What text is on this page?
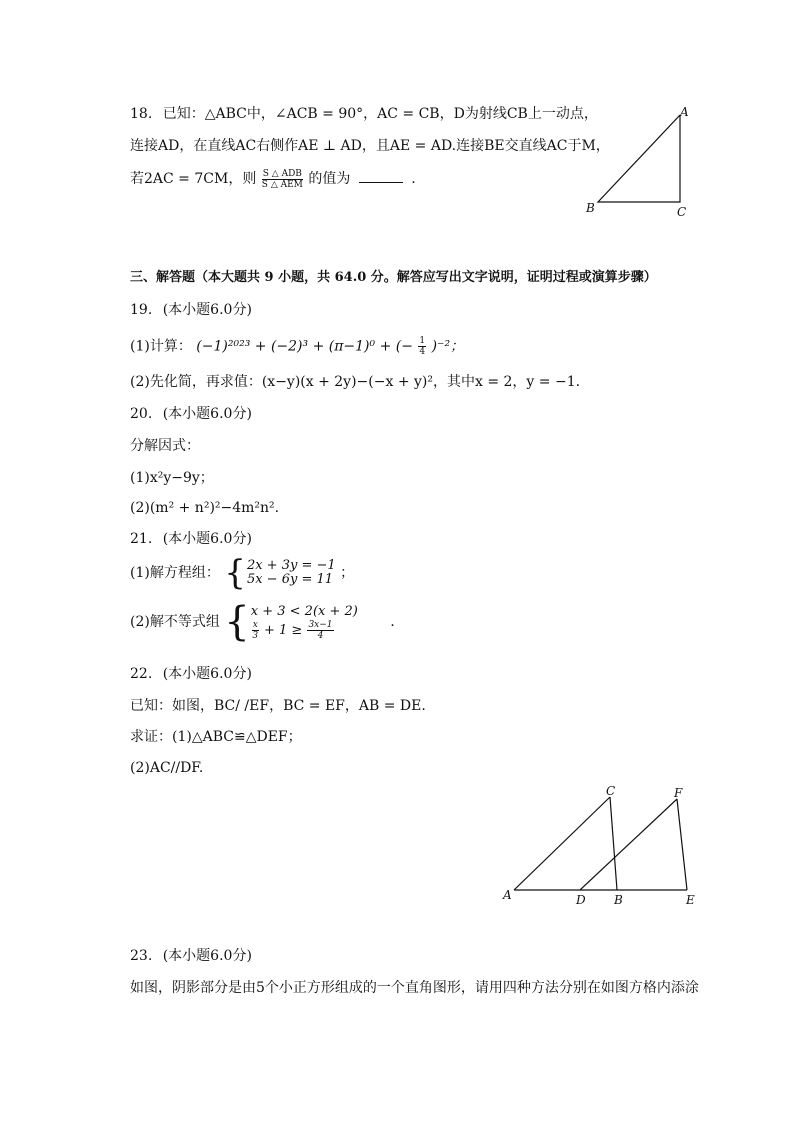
18. 已知：△ABC中，∠ACB = 90°，AC = CB，D为射线CB上一动点，
连接AD，在直线AC右侧作AE ⊥ AD，且AE = AD.连接BE交直线AC于M，
若2AC = 7CM，则 $\frac{\text{S △ ADB}}{\text{S △ AEM}}$ 的值为	.
A
B	C
三、解答题（本大题共 9 小题，共 64.0 分。解答应写出文字说明，证明过程或演算步骤）
19. (本小题6.0分)
(1)计算： (−1)²⁰²³ + (−2)³ + (π−1)⁰ + (− $\frac{1}{4} )^{-2}$；
(2)先化简，再求值：(x−y)(x + 2y)−(−x + y)²，其中x = 2，y = −1.
20. (本小题6.0分)
分解因式：
(1)x²y−9y；
(2)(m² + n²)²−4m²n².
21. (本小题6.0分)
(1)解方程组： { 2x + 3y = −1
5x − 6y = 11 ；
(2)解不等式组 { x + 3 < 2(x + 2)
$\frac{x}{3} + 1 \ge \frac{3x-1}{4}$	.
22. (本小题6.0分)
已知：如图，BC/ /EF，BC = EF，AB = DE.
求证：(1)△ABC≌△DEF；
(2)AC//DF.
A
C	F
D B	E
23. (本小题6.0分)
如图，阴影部分是由5个小正方形组成的一个直角图形，请用四种方法分别在如图方格内添涂
